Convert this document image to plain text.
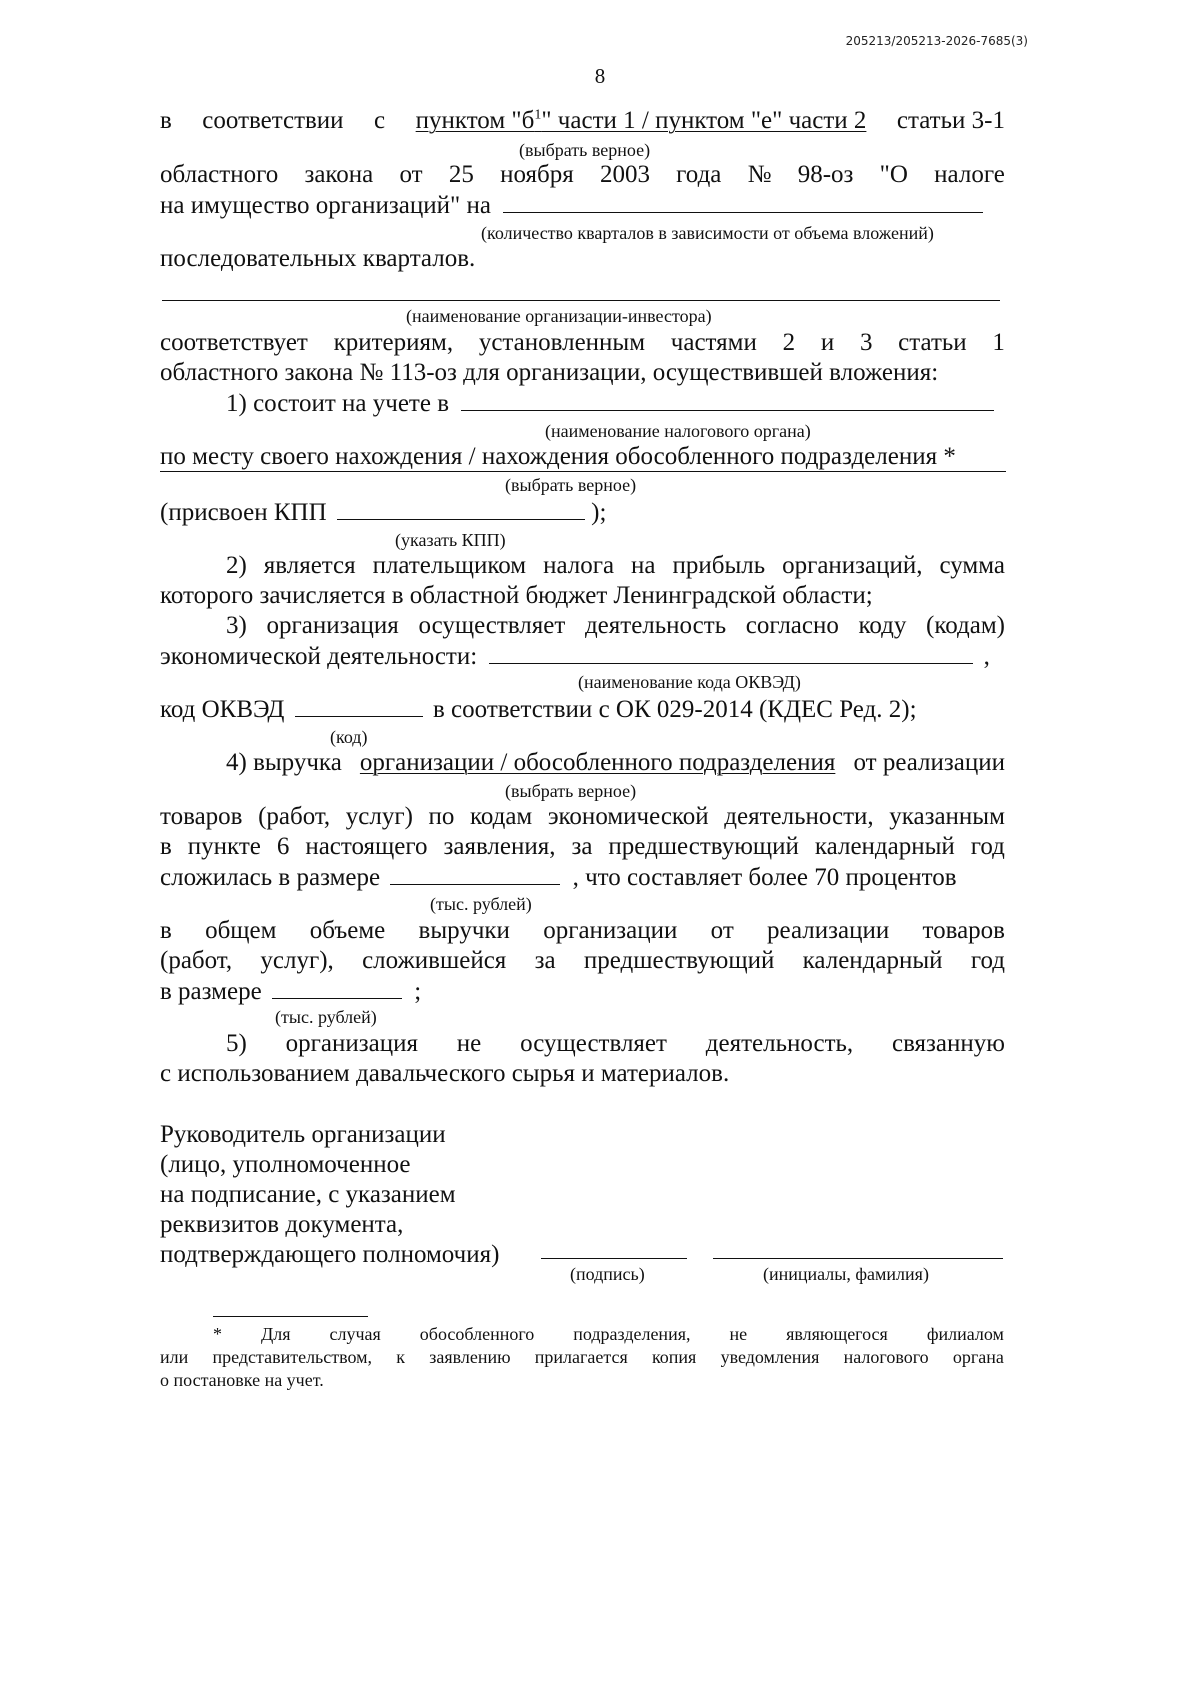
205213/205213-2026-7685(3)
8
в соответствии с пунктом "$б^1$" части 1 / пунктом "е" части 2 статьи 3-1
(выбрать верное)
областного закона от 25 ноября 2003 года № 98-оз "О налоге
на имущество организаций" на
(количество кварталов в зависимости от объема вложений)
последовательных кварталов.
(наименование организации-инвестора)
соответствует критериям, установленным частями 2 и 3 статьи 1
областного закона № 113-оз для организации, осуществившей вложения:
1) состоит на учете в
(наименование налогового органа)
по месту своего нахождения / нахождения обособленного подразделения *
(выбрать верное)
(присвоен КПП	);
(указать КПП)
2) является плательщиком налога на прибыль организаций, сумма
которого зачисляется в областной бюджет Ленинградской области;
3) организация осуществляет деятельность согласно коду (кодам)
экономической деятельности:	,
(наименование кода ОКВЭД)
код ОКВЭД	в соответствии с ОК 029-2014 (КДЕС Ред. 2);
(код)
4) выручка организации / обособленного подразделения от реализации
(выбрать верное)
товаров (работ, услуг) по кодам экономической деятельности, указанным
в пункте 6 настоящего заявления, за предшествующий календарный год
сложилась в размере	, что составляет более 70 процентов
(тыс. рублей)
в общем объеме выручки организации от реализации товаров
(работ, услуг), сложившейся за предшествующий календарный год
в размере	;
(тыс. рублей)
5) организация не осуществляет деятельность, связанную
с использованием давальческого сырья и материалов.
Руководитель организации
(лицо, уполномоченное
на подписание, с указанием
реквизитов документа,
подтверждающего полномочия)
(подпись)	(инициалы, фамилия)
* Для случая обособленного подразделения, не являющегося филиалом
или представительством, к заявлению прилагается копия уведомления налогового органа
о постановке на учет.
